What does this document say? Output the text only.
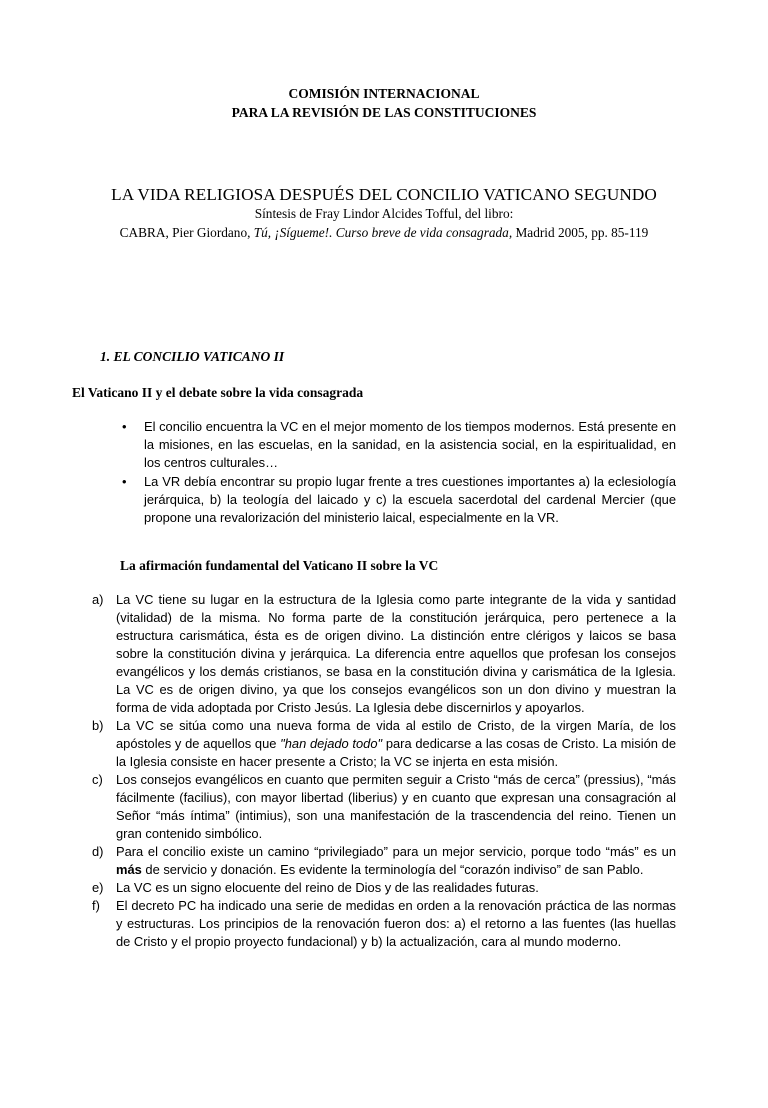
COMISIÓN INTERNACIONAL
PARA LA REVISIÓN DE LAS CONSTITUCIONES
LA VIDA RELIGIOSA DESPUÉS DEL CONCILIO VATICANO SEGUNDO
Síntesis de Fray Lindor Alcides Tofful, del libro:
CABRA, Pier Giordano, Tú, ¡Sígueme!. Curso breve de vida consagrada, Madrid 2005, pp. 85-119
1. EL CONCILIO VATICANO II
El Vaticano II y el debate sobre la vida consagrada
• El concilio encuentra la VC en el mejor momento de los tiempos modernos. Está presente en la misiones, en las escuelas, en la sanidad, en la asistencia social, en la espiritualidad, en los centros culturales…
• La VR debía encontrar su propio lugar frente a tres cuestiones importantes a) la eclesiología jerárquica, b) la teología del laicado y c) la escuela sacerdotal del cardenal Mercier (que propone una revalorización del ministerio laical, especialmente en la VR.
La afirmación fundamental del Vaticano II sobre la VC
a) La VC tiene su lugar en la estructura de la Iglesia como parte integrante de la vida y santidad (vitalidad) de la misma. No forma parte de la constitución jerárquica, pero pertenece a la estructura carismática, ésta es de origen divino. La distinción entre clérigos y laicos se basa sobre la constitución divina y jerárquica. La diferencia entre aquellos que profesan los consejos evangélicos y los demás cristianos, se basa en la constitución divina y carismática de la Iglesia. La VC es de origen divino, ya que los consejos evangélicos son un don divino y muestran la forma de vida adoptada por Cristo Jesús. La Iglesia debe discernirlos y apoyarlos.
b) La VC se sitúa como una nueva forma de vida al estilo de Cristo, de la virgen María, de los apóstoles y de aquellos que "han dejado todo" para dedicarse a las cosas de Cristo. La misión de la Iglesia consiste en hacer presente a Cristo; la VC se injerta en esta misión.
c) Los consejos evangélicos en cuanto que permiten seguir a Cristo “más de cerca” (pressius), “más fácilmente (facilius), con mayor libertad (liberius) y en cuanto que expresan una consagración al Señor “más íntima” (intimius), son una manifestación de la trascendencia del reino. Tienen un gran contenido simbólico.
d) Para el concilio existe un camino “privilegiado” para un mejor servicio, porque todo “más” es un más de servicio y donación. Es evidente la terminología del “corazón indiviso” de san Pablo.
e) La VC es un signo elocuente del reino de Dios y de las realidades futuras.
f) El decreto PC ha indicado una serie de medidas en orden a la renovación práctica de las normas y estructuras. Los principios de la renovación fueron dos: a) el retorno a las fuentes (las huellas de Cristo y el propio proyecto fundacional) y b) la actualización, cara al mundo moderno.
